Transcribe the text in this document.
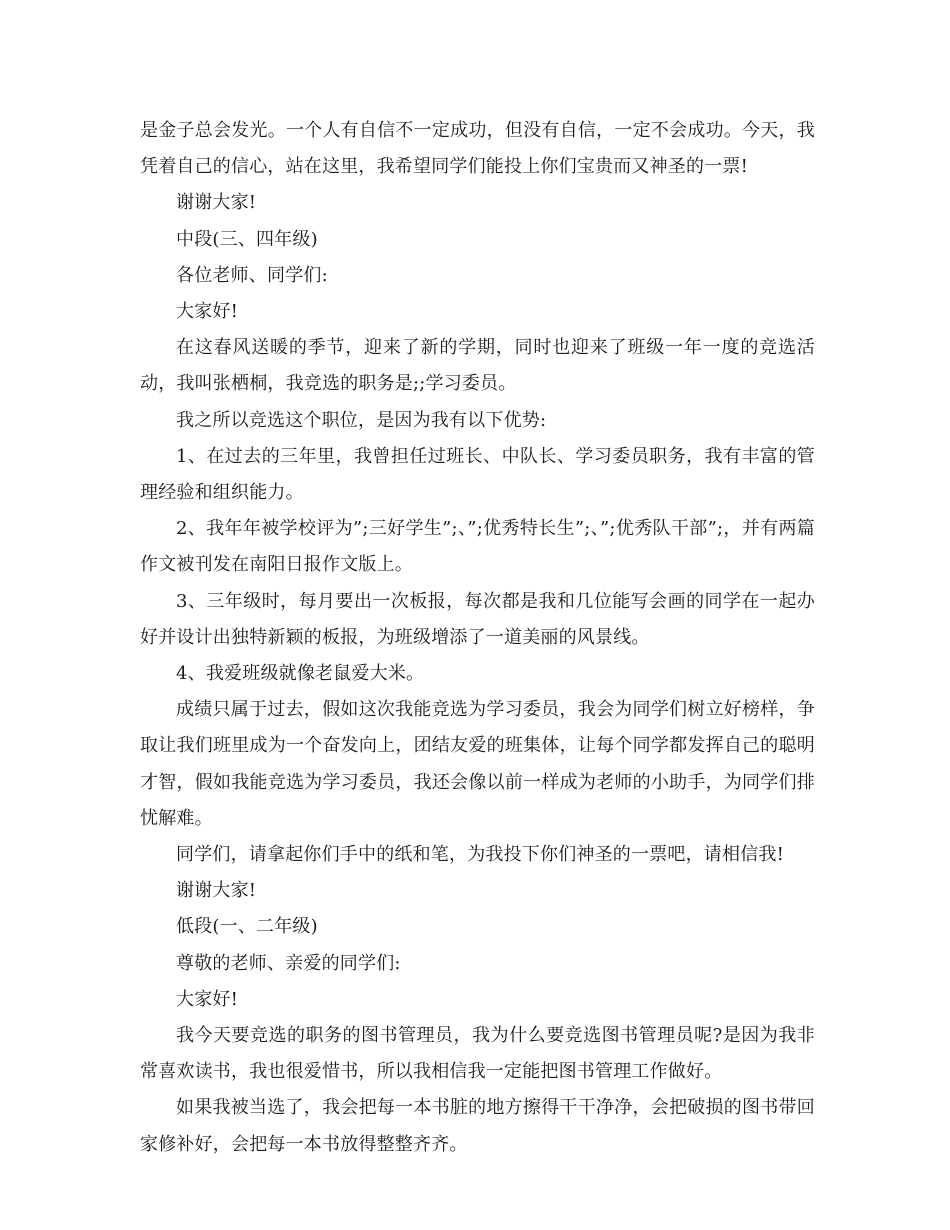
是金子总会发光。一个人有自信不一定成功，但没有自信，一定不会成功。今天，我凭着自己的信心，站在这里，我希望同学们能投上你们宝贵而又神圣的一票!

谢谢大家!

中段(三、四年级)

各位老师、同学们:

大家好!

在这春风送暖的季节，迎来了新的学期，同时也迎来了班级一年一度的竞选活动，我叫张栖桐，我竞选的职务是;;学习委员。

我之所以竞选这个职位，是因为我有以下优势:

1、在过去的三年里，我曾担任过班长、中队长、学习委员职务，我有丰富的管理经验和组织能力。

2、我年年被学校评为”;三好学生”;、”;优秀特长生”;、”;优秀队干部”;，并有两篇作文被刊发在南阳日报作文版上。

3、三年级时，每月要出一次板报，每次都是我和几位能写会画的同学在一起办好并设计出独特新颖的板报，为班级增添了一道美丽的风景线。

4、我爱班级就像老鼠爱大米。

成绩只属于过去，假如这次我能竞选为学习委员，我会为同学们树立好榜样，争取让我们班里成为一个奋发向上，团结友爱的班集体，让每个同学都发挥自己的聪明才智，假如我能竞选为学习委员，我还会像以前一样成为老师的小助手，为同学们排忧解难。

同学们，请拿起你们手中的纸和笔，为我投下你们神圣的一票吧，请相信我!

谢谢大家!

低段(一、二年级)

尊敬的老师、亲爱的同学们:

大家好!

我今天要竞选的职务的图书管理员，我为什么要竞选图书管理员呢?是因为我非常喜欢读书，我也很爱惜书，所以我相信我一定能把图书管理工作做好。

如果我被当选了，我会把每一本书脏的地方擦得干干净净，会把破损的图书带回家修补好，会把每一本书放得整整齐齐。
